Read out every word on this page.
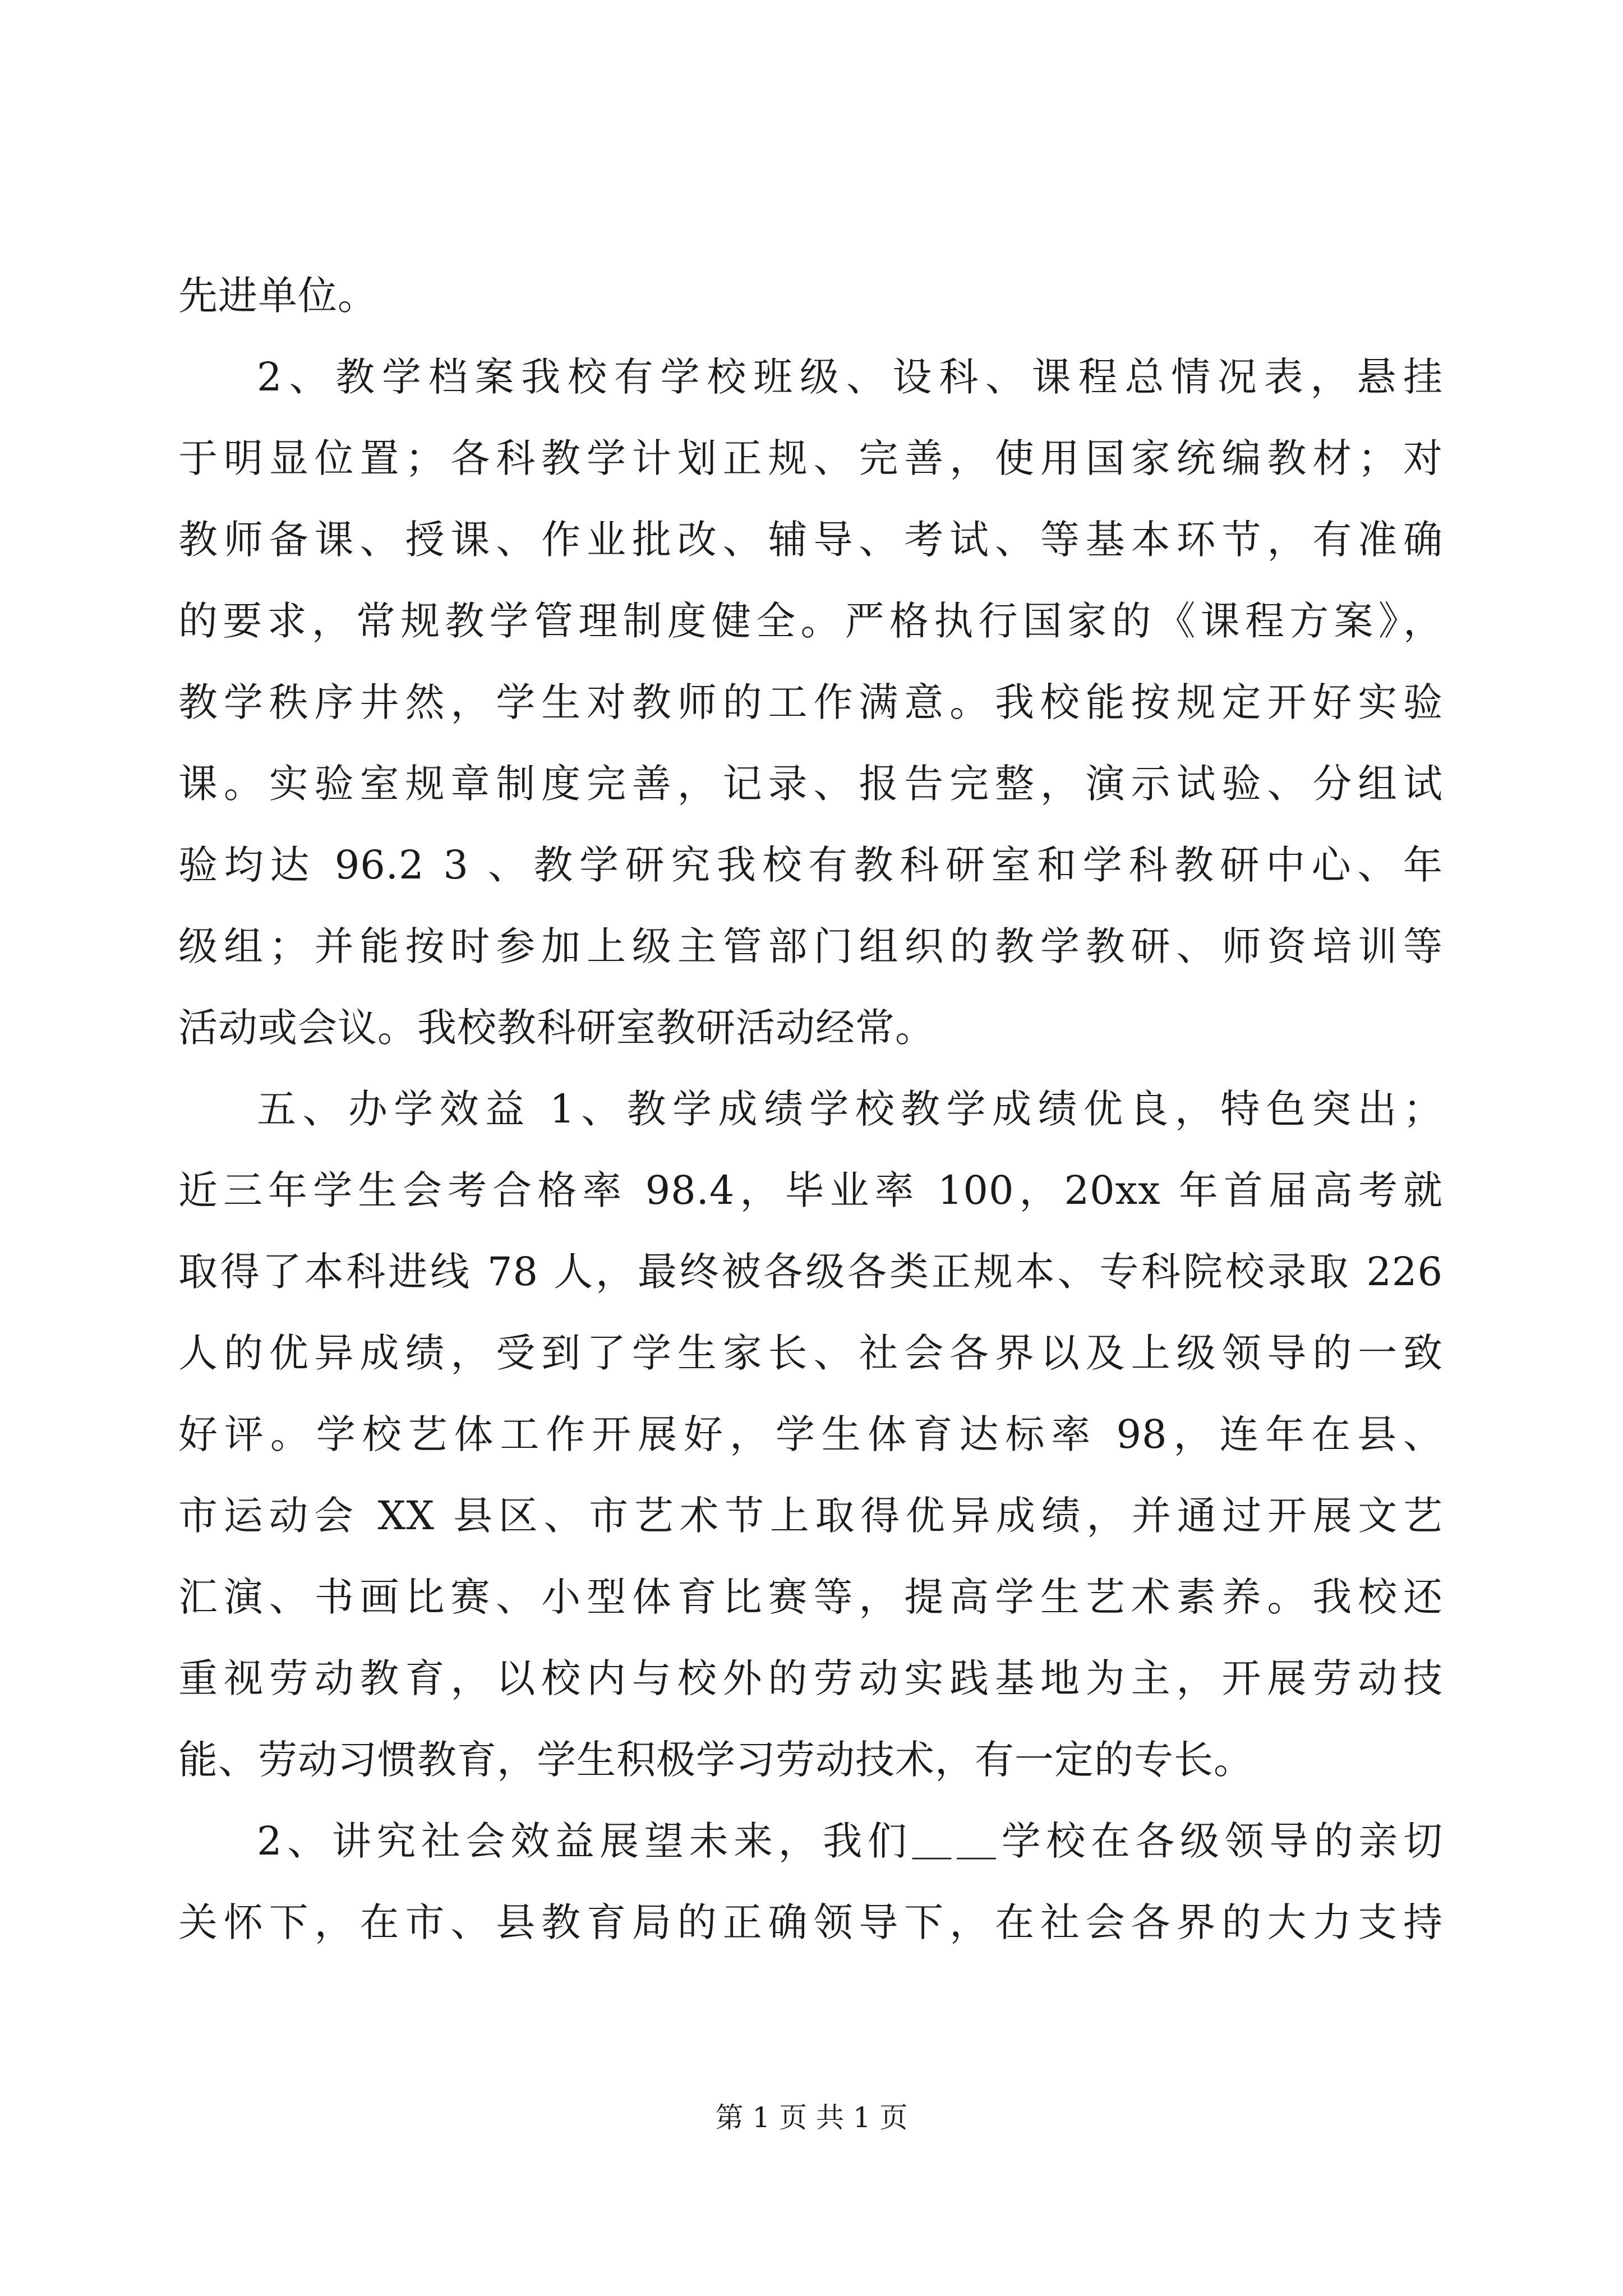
先进单位。
2、教学档案我校有学校班级、设科、课程总情况表，悬挂
于明显位置；各科教学计划正规、完善，使用国家统编教材；对
教师备课、授课、作业批改、辅导、考试、等基本环节，有准确
的要求，常规教学管理制度健全。严格执行国家的《课程方案》，
教学秩序井然，学生对教师的工作满意。我校能按规定开好实验
课。实验室规章制度完善，记录、报告完整，演示试验、分组试
验均达 96.2 3 、教学研究我校有教科研室和学科教研中心、年
级组；并能按时参加上级主管部门组织的教学教研、师资培训等
活动或会议。我校教科研室教研活动经常。
五、办学效益 1、教学成绩学校教学成绩优良，特色突出；
近三年学生会考合格率 98.4，毕业率 100，20xx 年首届高考就
取得了本科进线 78 人，最终被各级各类正规本、专科院校录取 226
人的优异成绩，受到了学生家长、社会各界以及上级领导的一致
好评。学校艺体工作开展好，学生体育达标率 98，连年在县、
市运动会 XX 县区、市艺术节上取得优异成绩，并通过开展文艺
汇演、书画比赛、小型体育比赛等，提高学生艺术素养。我校还
重视劳动教育，以校内与校外的劳动实践基地为主，开展劳动技
能、劳动习惯教育，学生积极学习劳动技术，有一定的专长。
2、讲究社会效益展望未来，我们＿＿学校在各级领导的亲切
关怀下，在市、县教育局的正确领导下，在社会各界的大力支持
第 1 页 共 1 页
